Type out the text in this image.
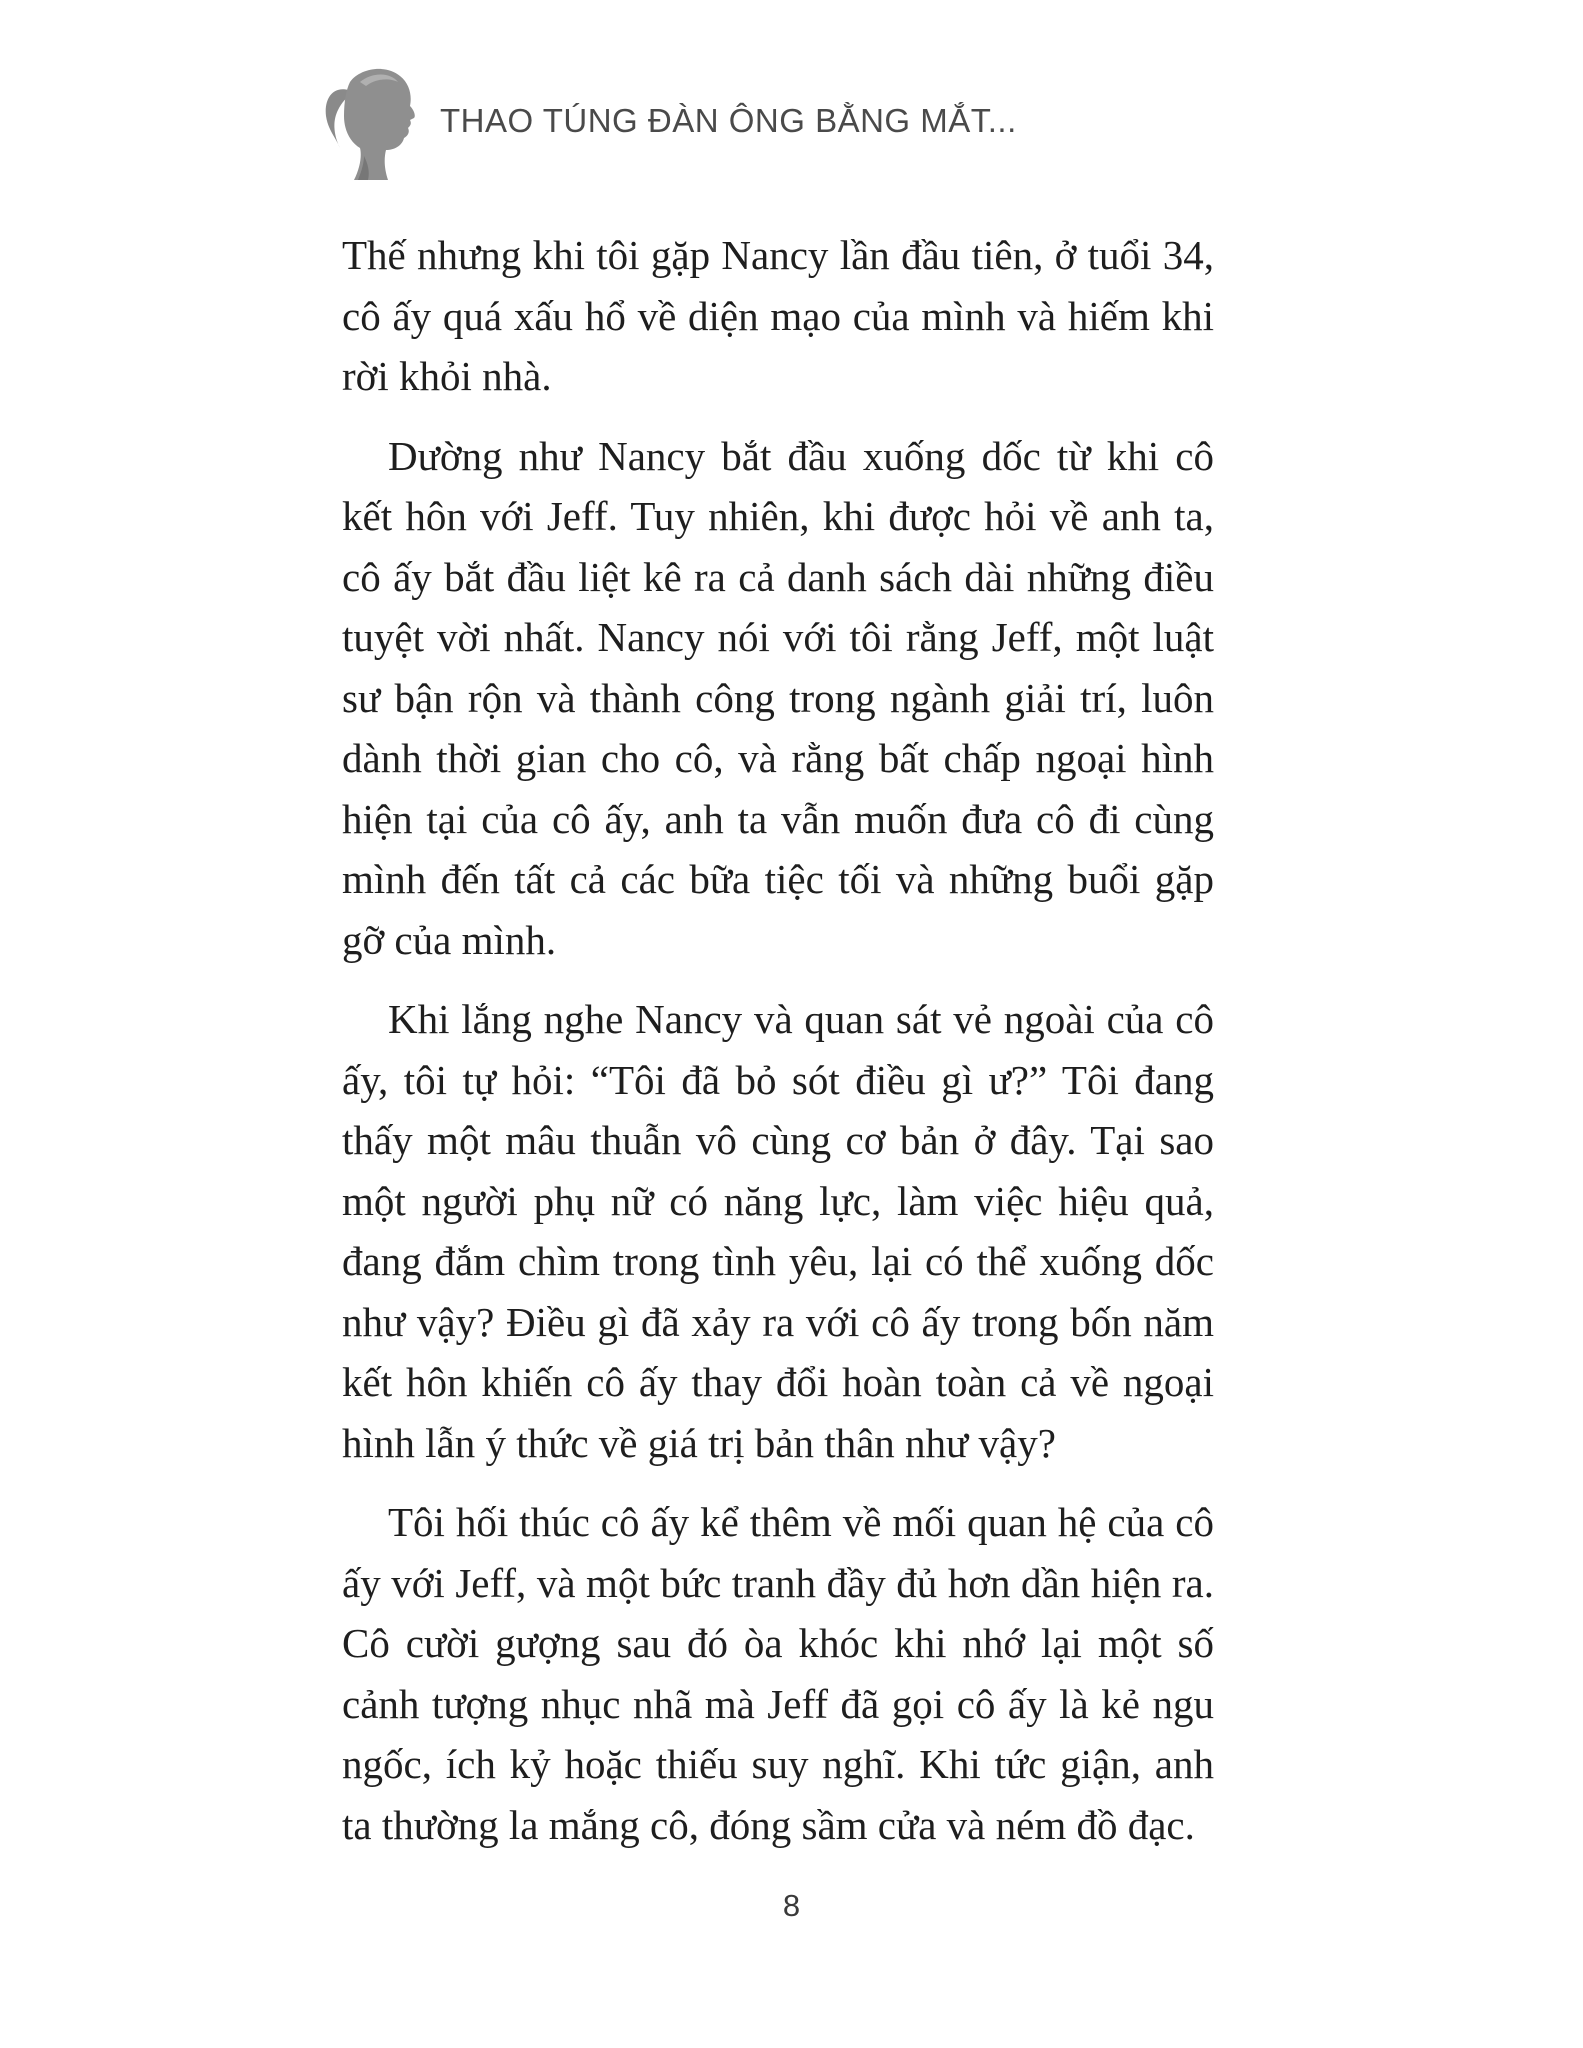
THAO TÚNG ĐÀN ÔNG BẰNG MẮT...

Thế nhưng khi tôi gặp Nancy lần đầu tiên, ở tuổi 34, cô ấy quá xấu hổ về diện mạo của mình và hiếm khi rời khỏi nhà.

Dường như Nancy bắt đầu xuống dốc từ khi cô kết hôn với Jeff. Tuy nhiên, khi được hỏi về anh ta, cô ấy bắt đầu liệt kê ra cả danh sách dài những điều tuyệt vời nhất. Nancy nói với tôi rằng Jeff, một luật sư bận rộn và thành công trong ngành giải trí, luôn dành thời gian cho cô, và rằng bất chấp ngoại hình hiện tại của cô ấy, anh ta vẫn muốn đưa cô đi cùng mình đến tất cả các bữa tiệc tối và những buổi gặp gỡ của mình.

Khi lắng nghe Nancy và quan sát vẻ ngoài của cô ấy, tôi tự hỏi: “Tôi đã bỏ sót điều gì ư?” Tôi đang thấy một mâu thuẫn vô cùng cơ bản ở đây. Tại sao một người phụ nữ có năng lực, làm việc hiệu quả, đang đắm chìm trong tình yêu, lại có thể xuống dốc như vậy? Điều gì đã xảy ra với cô ấy trong bốn năm kết hôn khiến cô ấy thay đổi hoàn toàn cả về ngoại hình lẫn ý thức về giá trị bản thân như vậy?

Tôi hối thúc cô ấy kể thêm về mối quan hệ của cô ấy với Jeff, và một bức tranh đầy đủ hơn dần hiện ra. Cô cười gượng sau đó òa khóc khi nhớ lại một số cảnh tượng nhục nhã mà Jeff đã gọi cô ấy là kẻ ngu ngốc, ích kỷ hoặc thiếu suy nghĩ. Khi tức giận, anh ta thường la mắng cô, đóng sầm cửa và ném đồ đạc.

8
